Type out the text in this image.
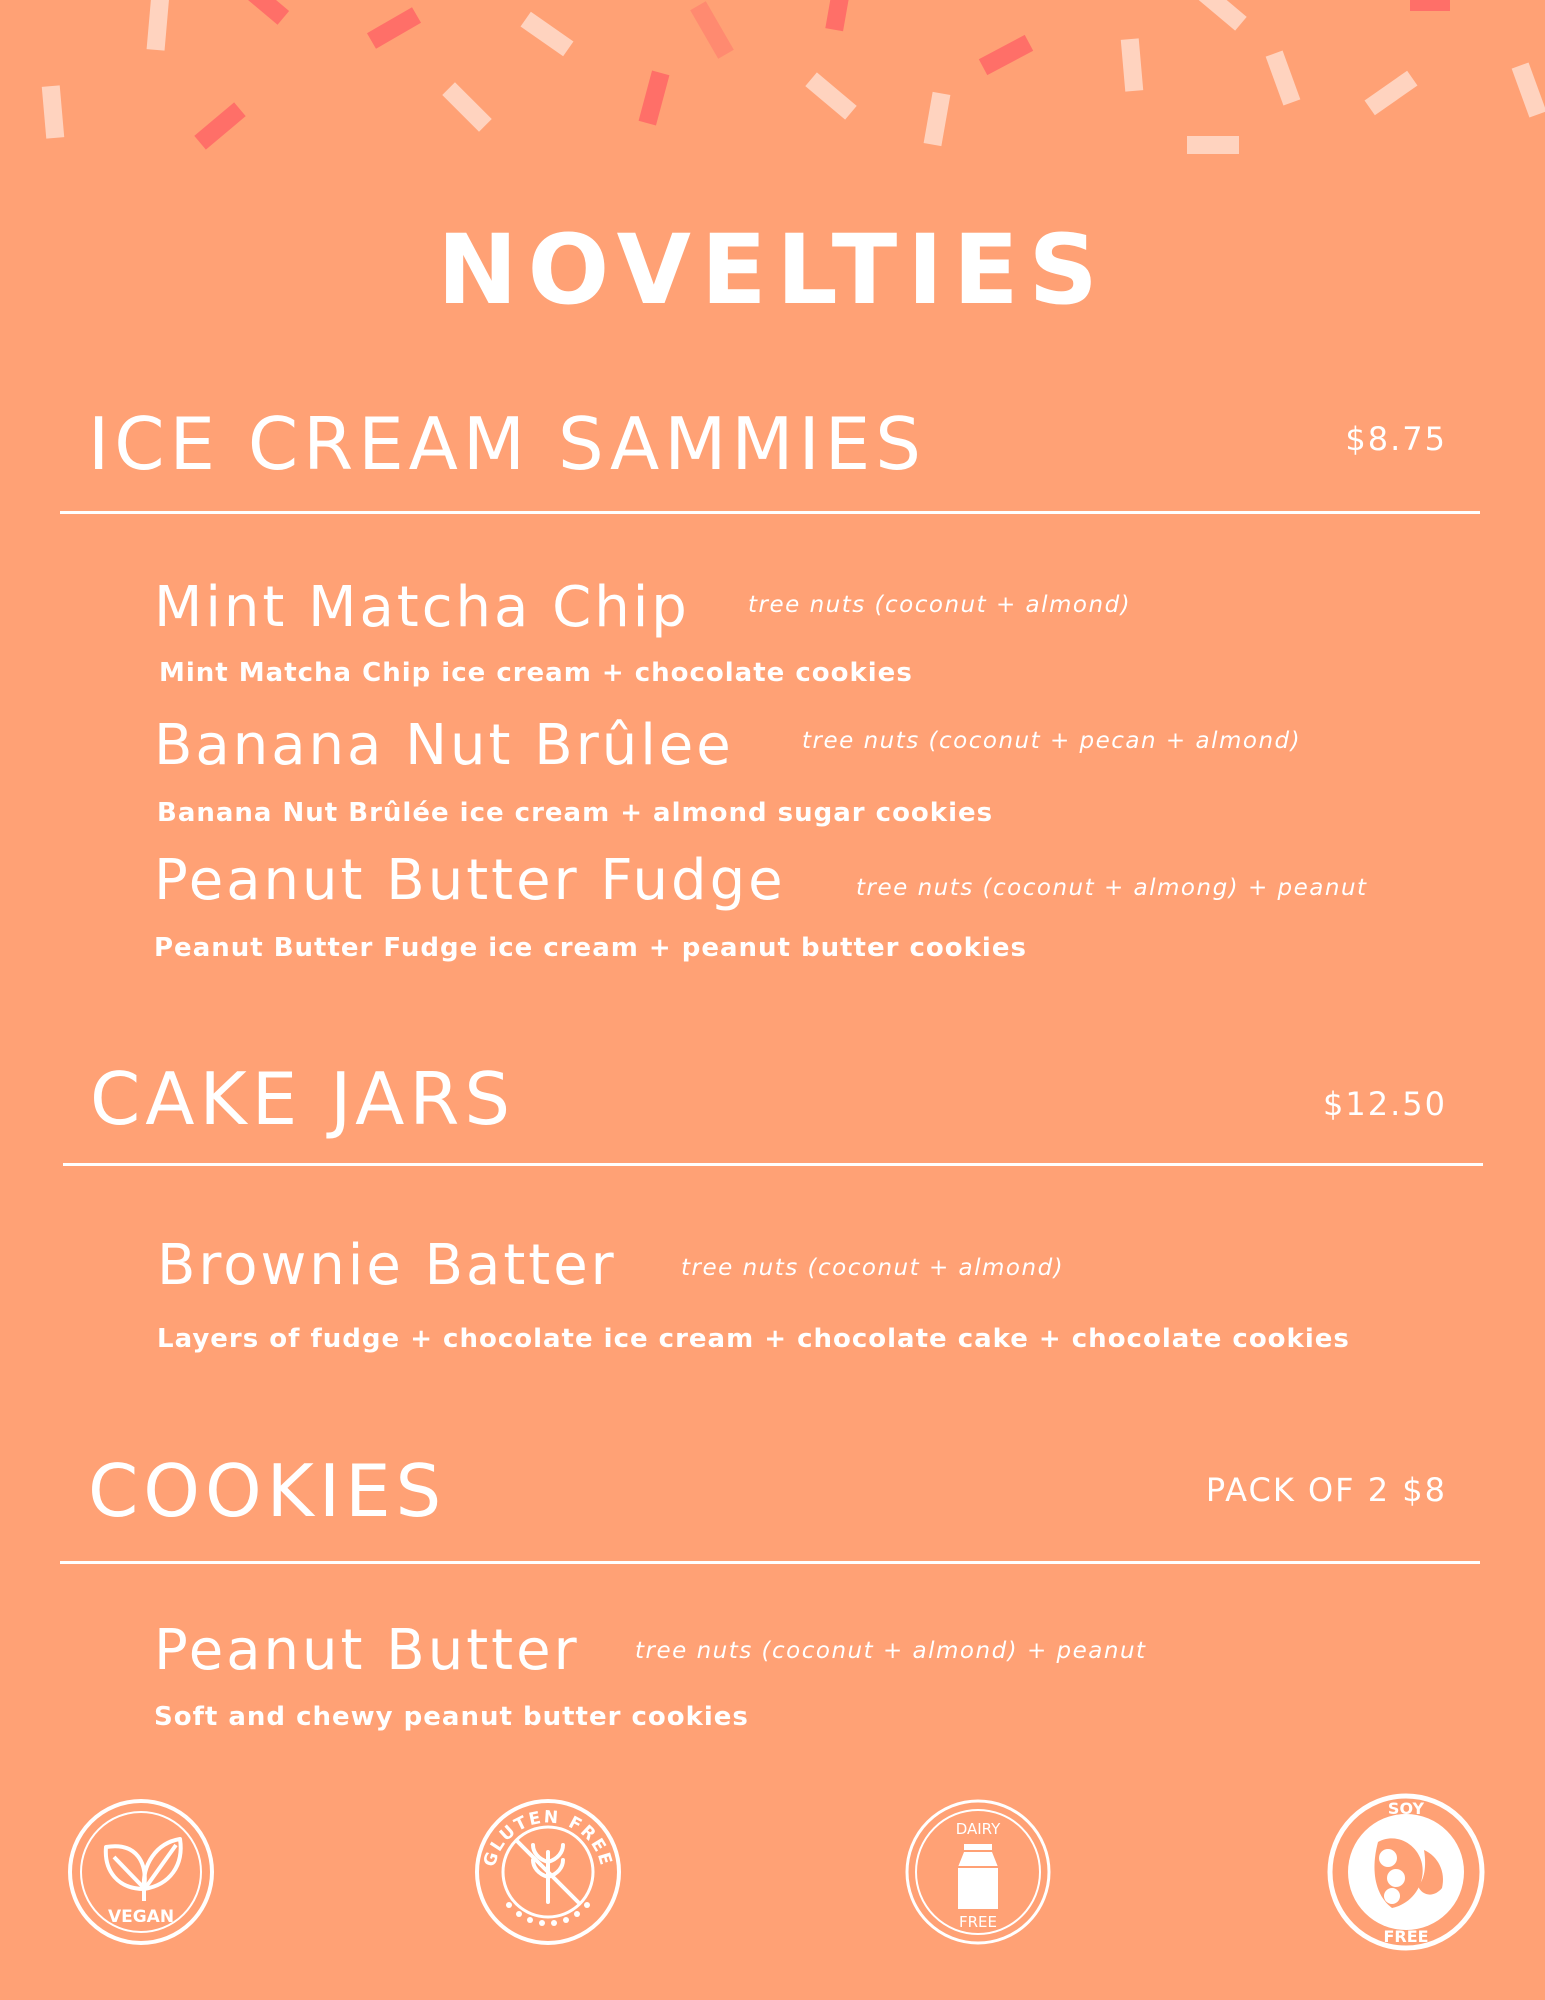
NOVELTIES
ICE CREAM SAMMIES	$8.75
Mint Matcha Chip	tree nuts (coconut + almond)
Mint Matcha Chip ice cream + chocolate cookies
Banana Nut Brûlee	tree nuts (coconut + pecan + almond)
Banana Nut Brûlée ice cream + almond sugar cookies
Peanut Butter Fudge	tree nuts (coconut + almong) + peanut
Peanut Butter Fudge ice cream + peanut butter cookies
CAKE JARS	$12.50
Brownie Batter	tree nuts (coconut + almond)
Layers of fudge + chocolate ice cream + chocolate cake + chocolate cookies
COOKIES	PACK OF 2 $8
Peanut Butter tree nuts (coconut + almond) + peanut
Soft and chewy peanut butter cookies
VEGAN
GLUTEN FREE
DAIRY
FREE
SOY
FREE
